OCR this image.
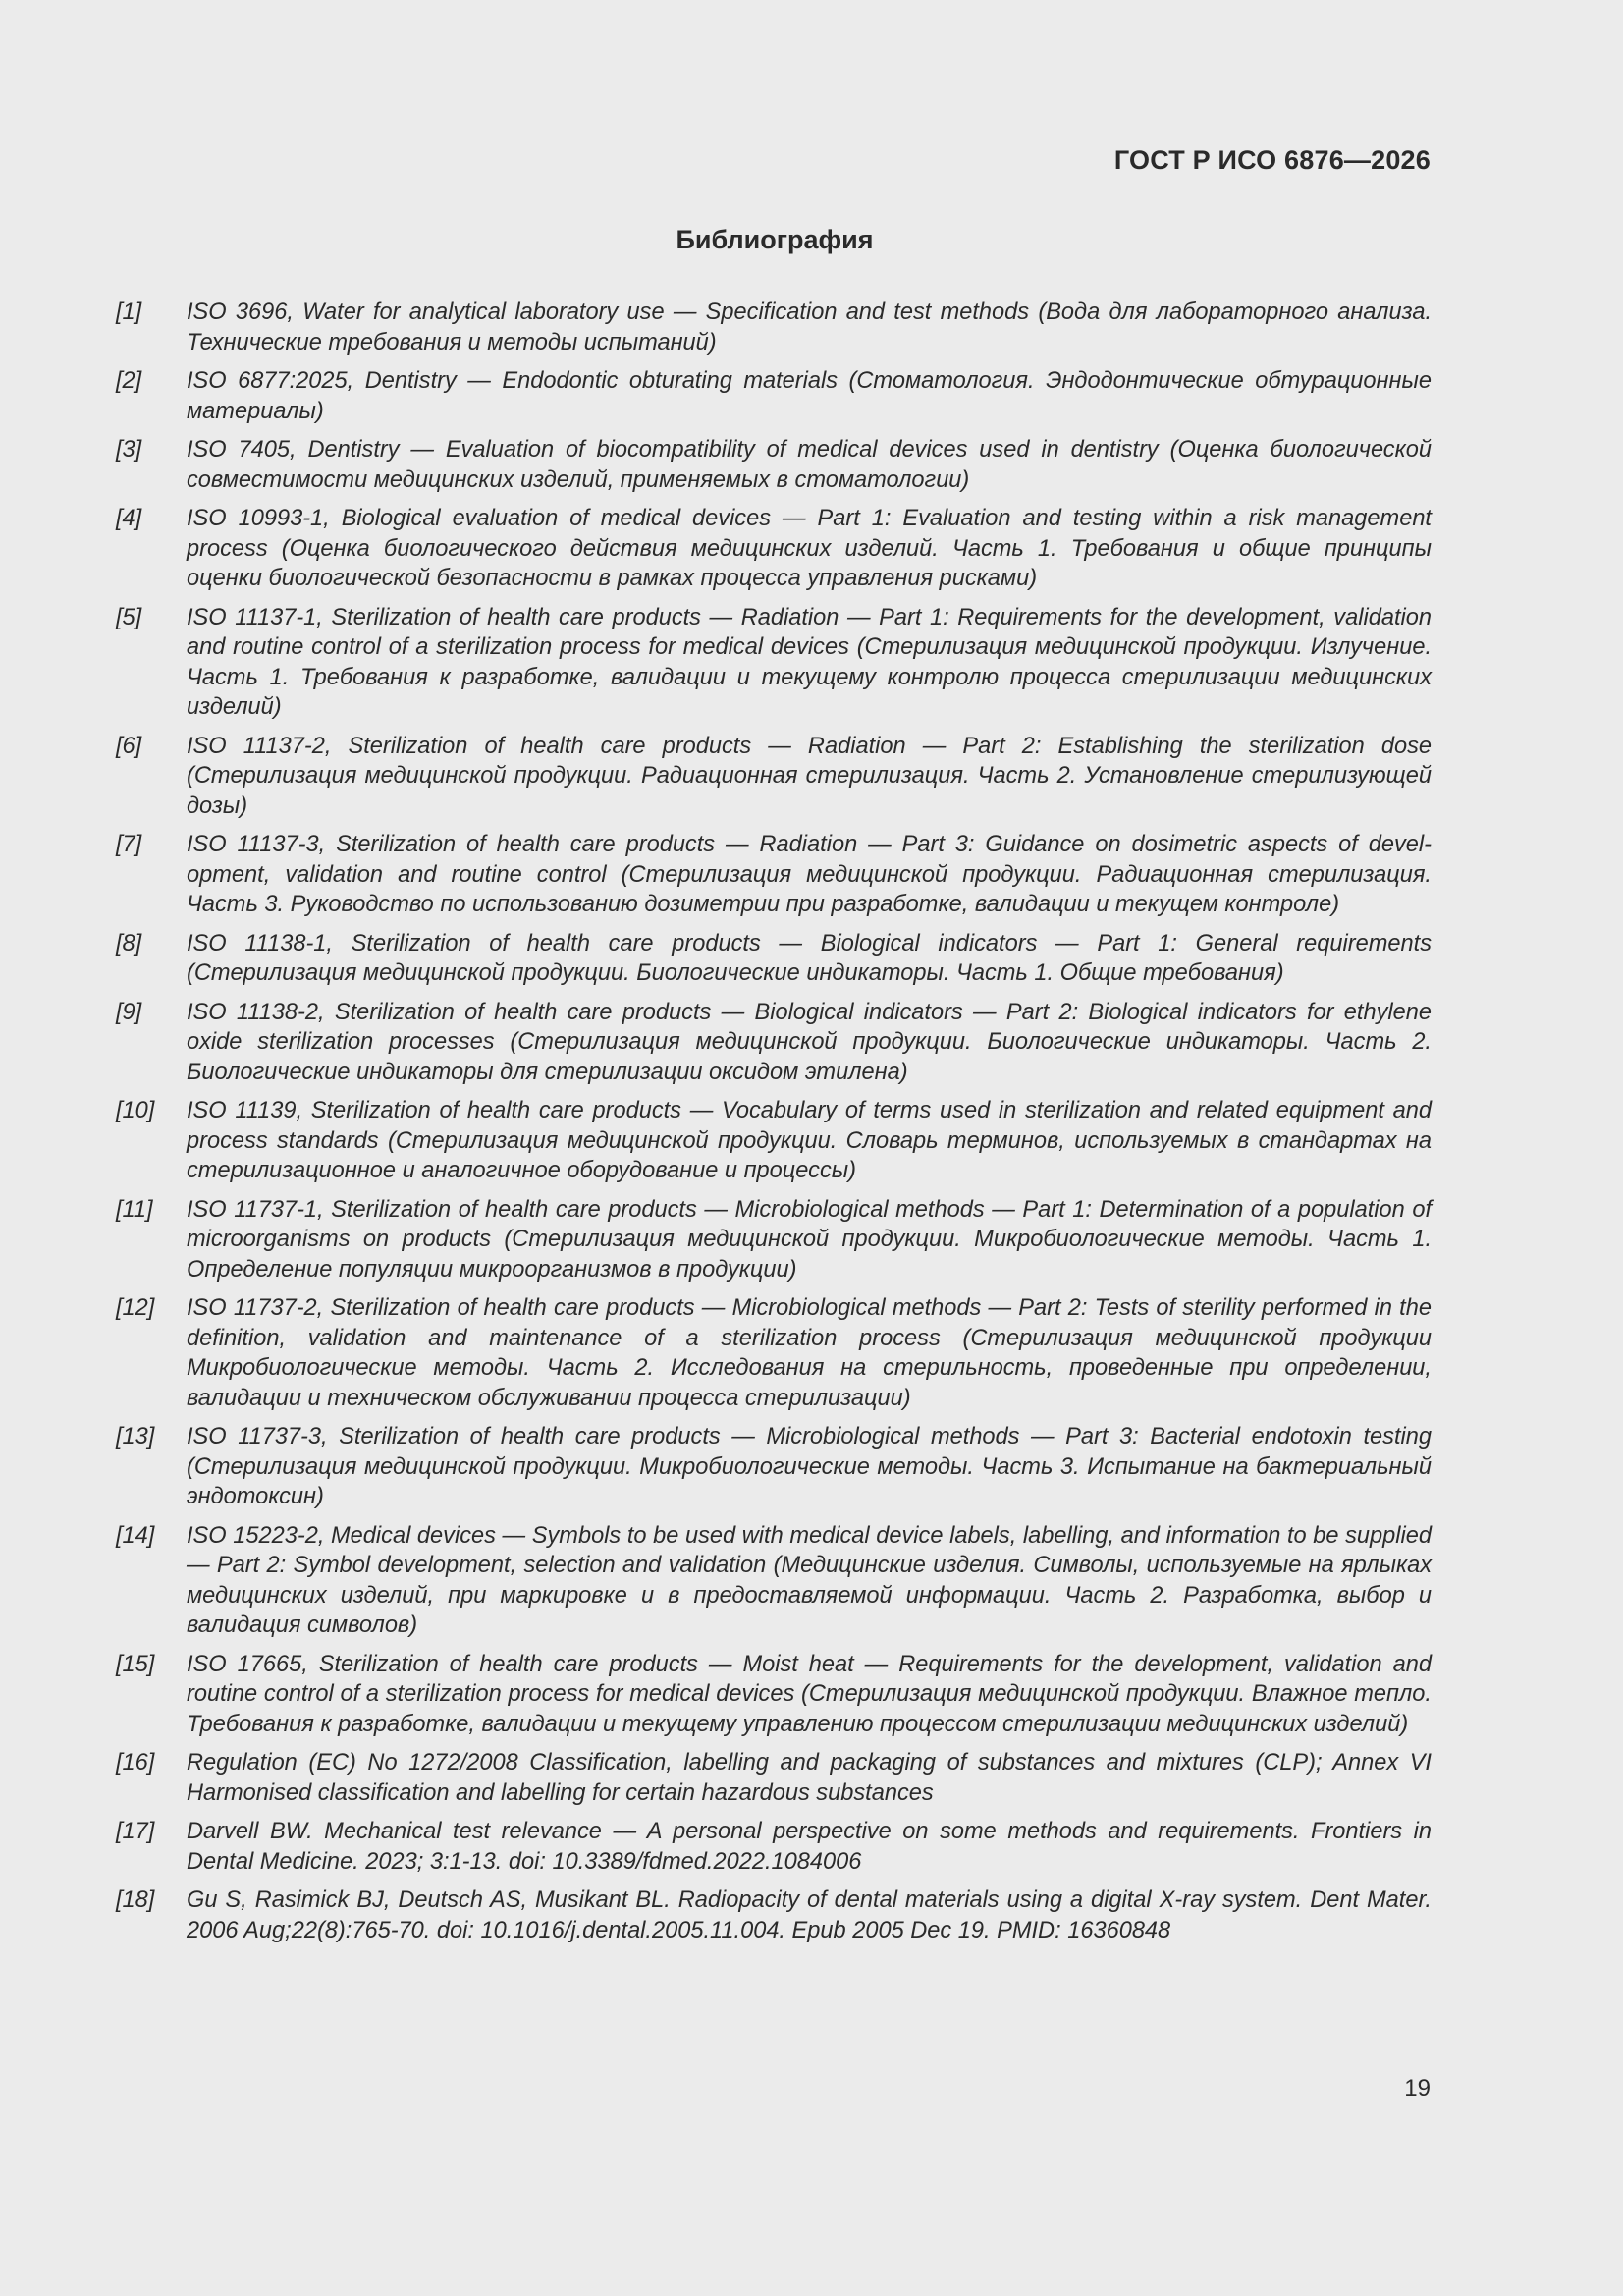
ГОСТ Р ИСО 6876—2026
Библиография
[1]	ISO 3696, Water for analytical laboratory use — Specification and test methods (Вода для лабораторного анализа. Технические требования и методы испытаний)
[2]	ISO 6877:2025, Dentistry — Endodontic obturating materials (Стоматология. Эндодонтические обтурационные материалы)
[3]	ISO 7405, Dentistry — Evaluation of biocompatibility of medical devices used in dentistry (Оценка биологической совместимости медицинских изделий, применяемых в стоматологии)
[4]	ISO 10993-1, Biological evaluation of medical devices — Part 1: Evaluation and testing within a risk management process (Оценка биологического действия медицинских изделий. Часть 1. Требования и общие принципы оценки биологической безопасности в рамках процесса управления рисками)
[5]	ISO 11137-1, Sterilization of health care products — Radiation — Part 1: Requirements for the development, validation and routine control of a sterilization process for medical devices (Стерилизация медицинской продукции. Излучение. Часть 1. Требования к разработке, валидации и текущему контролю процесса стерилизации медицинских изделий)
[6]	ISO 11137-2, Sterilization of health care products — Radiation — Part 2: Establishing the sterilization dose (Стерилизация медицинской продукции. Радиационная стерилизация. Часть 2. Установление стерилизующей дозы)
[7]	ISO 11137-3, Sterilization of health care products — Radiation — Part 3: Guidance on dosimetric aspects of development, validation and routine control (Стерилизация медицинской продукции. Радиационная стерилизация. Часть 3. Руководство по использованию дозиметрии при разработке, валидации и текущем контроле)
[8]	ISO 11138-1, Sterilization of health care products — Biological indicators — Part 1: General requirements (Стерилизация медицинской продукции. Биологические индикаторы. Часть 1. Общие требования)
[9]	ISO 11138-2, Sterilization of health care products — Biological indicators — Part 2: Biological indicators for ethylene oxide sterilization processes (Стерилизация медицинской продукции. Биологические индикаторы. Часть 2. Биологические индикаторы для стерилизации оксидом этилена)
[10]	ISO 11139, Sterilization of health care products — Vocabulary of terms used in sterilization and related equipment and process standards (Стерилизация медицинской продукции. Словарь терминов, используемых в стандартах на стерилизационное и аналогичное оборудование и процессы)
[11]	ISO 11737-1, Sterilization of health care products — Microbiological methods — Part 1: Determination of a population of microorganisms on products (Стерилизация медицинской продукции. Микробиологические методы. Часть 1. Определение популяции микроорганизмов в продукции)
[12]	ISO 11737-2, Sterilization of health care products — Microbiological methods — Part 2: Tests of sterility performed in the definition, validation and maintenance of a sterilization process (Стерилизация медицинской продукции Микробиологические методы. Часть 2. Исследования на стерильность, проведенные при определении, валидации и техническом обслуживании процесса стерилизации)
[13]	ISO 11737-3, Sterilization of health care products — Microbiological methods — Part 3: Bacterial endotoxin testing (Стерилизация медицинской продукции. Микробиологические методы. Часть 3. Испытание на бактериальный эндотоксин)
[14]	ISO 15223-2, Medical devices — Symbols to be used with medical device labels, labelling, and information to be supplied — Part 2: Symbol development, selection and validation (Медицинские изделия. Символы, используемые на ярлыках медицинских изделий, при маркировке и в предоставляемой информации. Часть 2. Разработка, выбор и валидация символов)
[15]	ISO 17665, Sterilization of health care products — Moist heat — Requirements for the development, validation and routine control of a sterilization process for medical devices (Стерилизация медицинской продукции. Влажное тепло. Требования к разработке, валидации и текущему управлению процессом стерилизации медицинских изделий)
[16]	Regulation (EC) No 1272/2008 Classification, labelling and packaging of substances and mixtures (CLP); Annex VI Harmonised classification and labelling for certain hazardous substances
[17]	Darvell BW. Mechanical test relevance — A personal perspective on some methods and requirements. Frontiers in Dental Medicine. 2023; 3:1-13. doi: 10.3389/fdmed.2022.1084006
[18]	Gu S, Rasimick BJ, Deutsch AS, Musikant BL. Radiopacity of dental materials using a digital X-ray system. Dent Mater. 2006 Aug;22(8):765-70. doi: 10.1016/j.dental.2005.11.004. Epub 2005 Dec 19. PMID: 16360848
19
